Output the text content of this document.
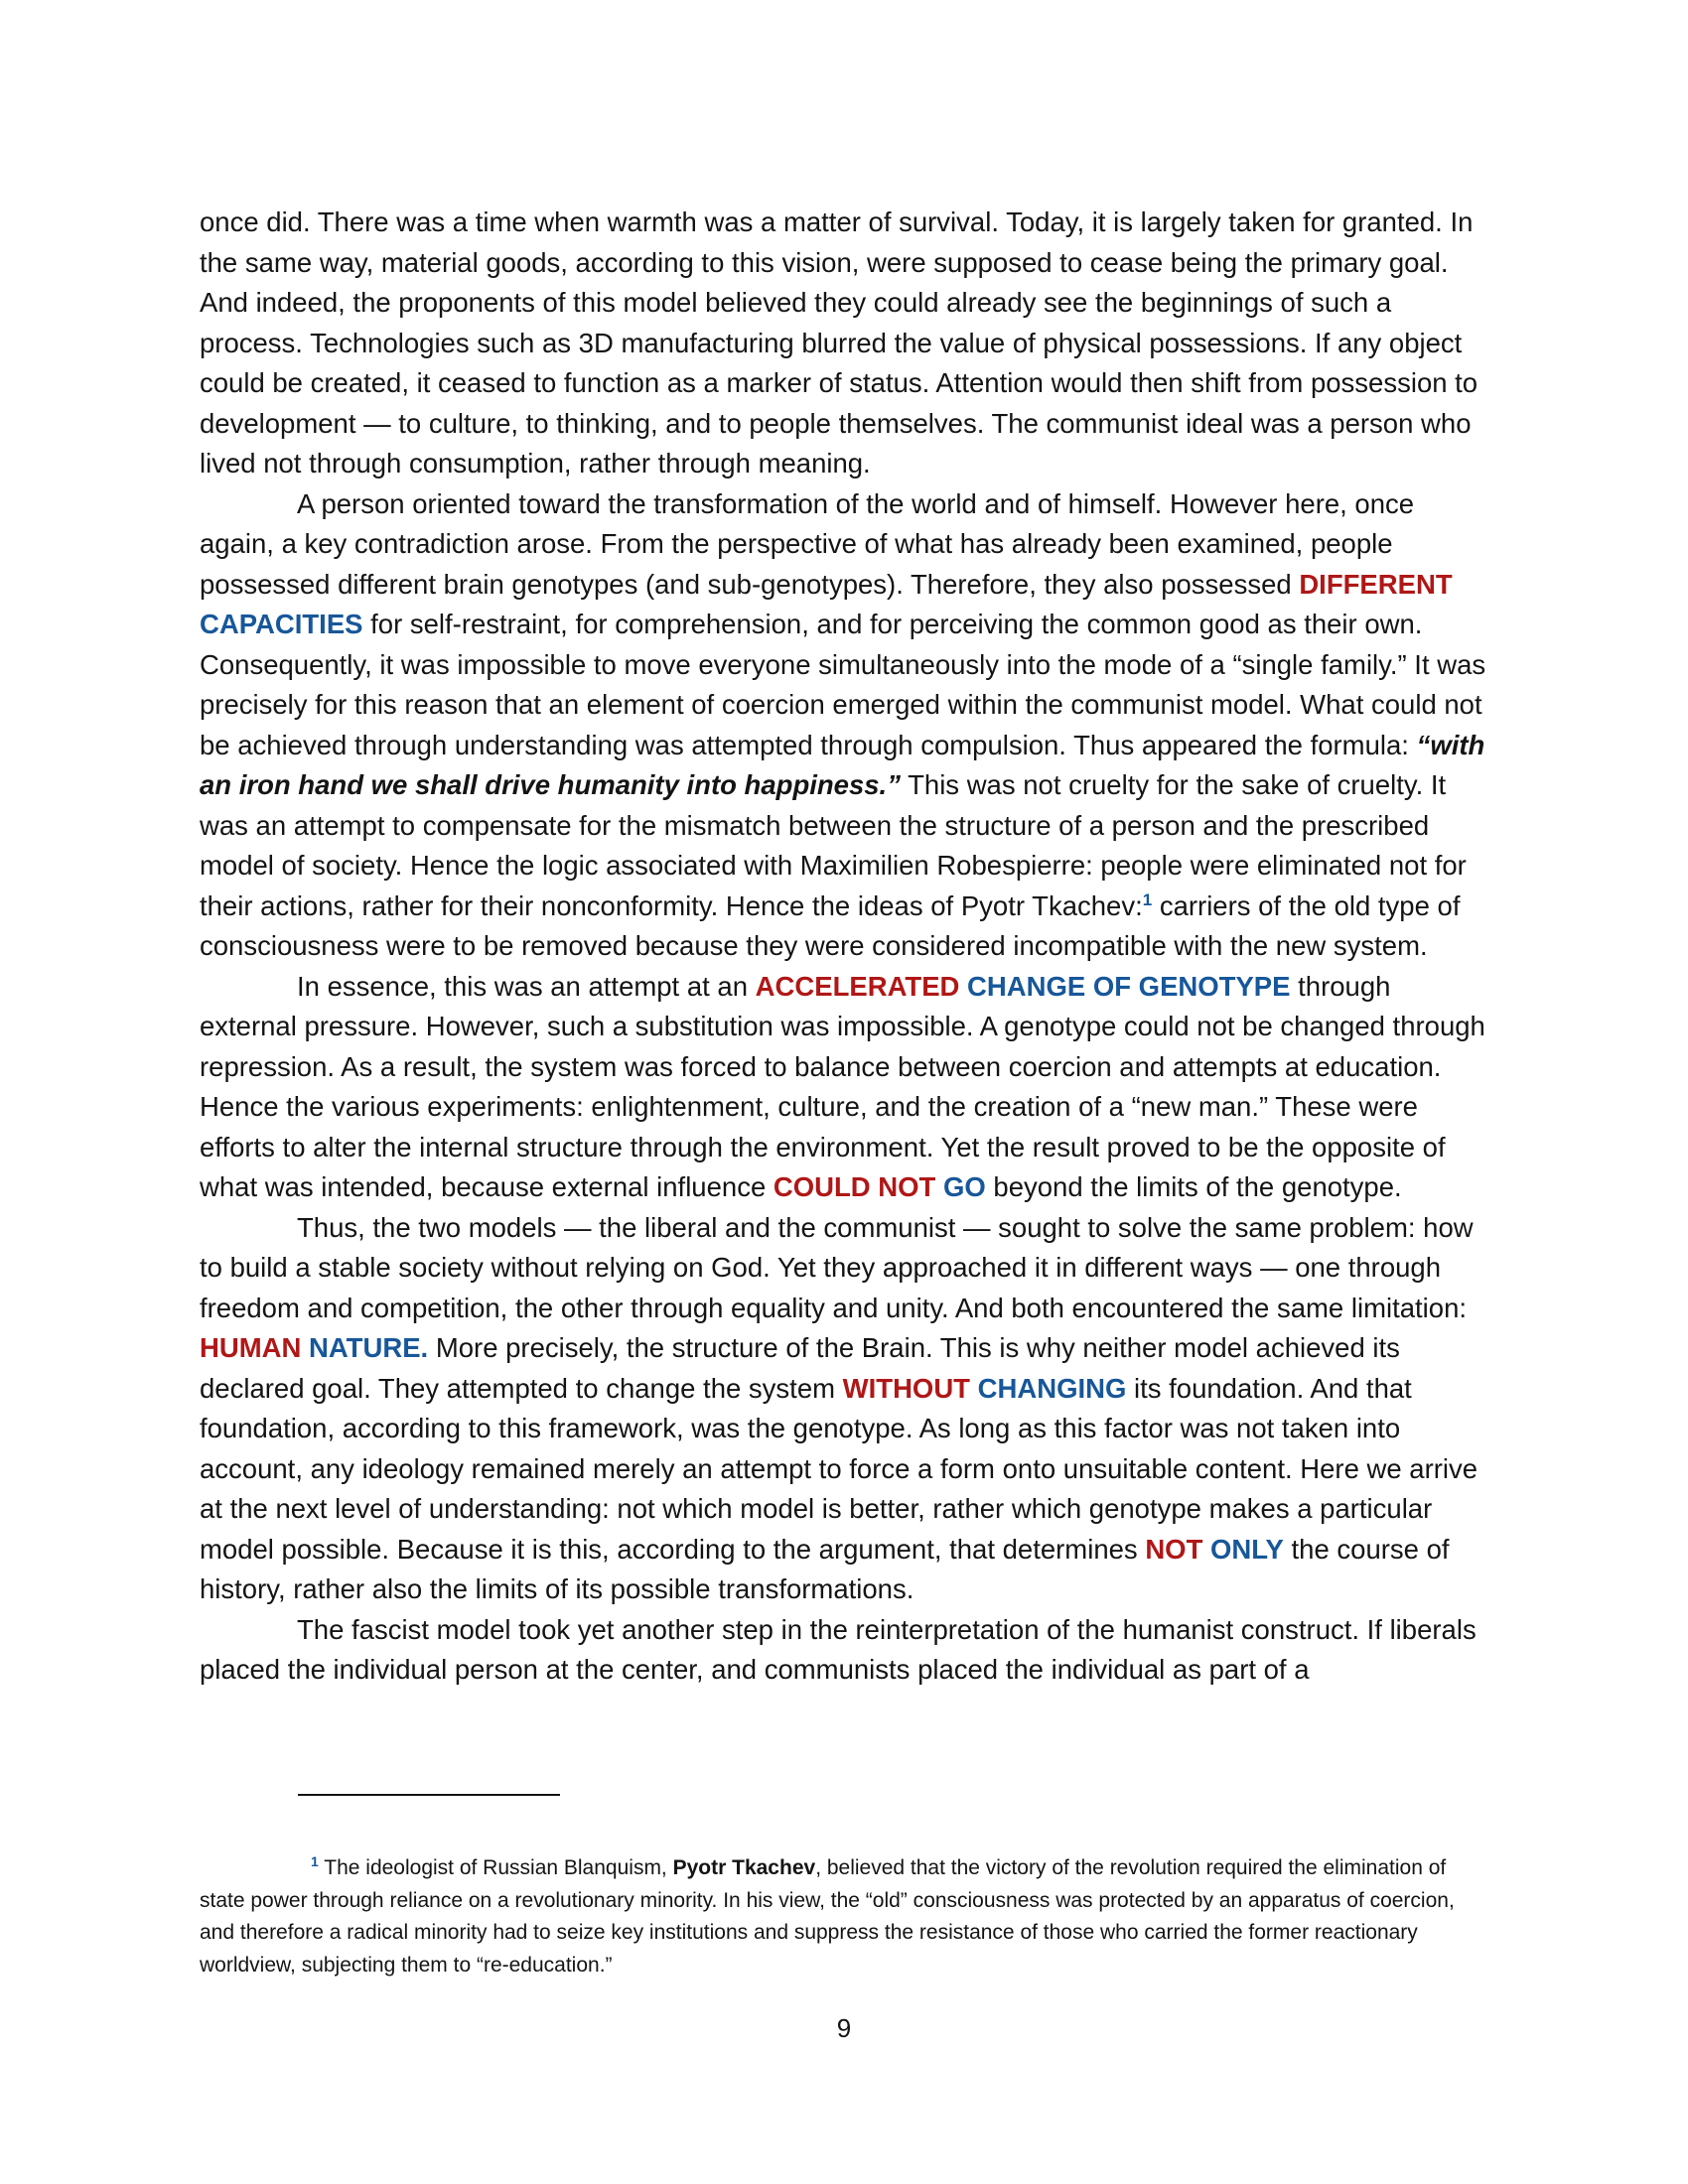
once did. There was a time when warmth was a matter of survival. Today, it is largely taken for granted. In the same way, material goods, according to this vision, were supposed to cease being the primary goal. And indeed, the proponents of this model believed they could already see the beginnings of such a process. Technologies such as 3D manufacturing blurred the value of physical possessions. If any object could be created, it ceased to function as a marker of status. Attention would then shift from possession to development — to culture, to thinking, and to people themselves. The communist ideal was a person who lived not through consumption, rather through meaning.

A person oriented toward the transformation of the world and of himself. However here, once again, a key contradiction arose. From the perspective of what has already been examined, people possessed different brain genotypes (and sub-genotypes). Therefore, they also possessed DIFFERENT CAPACITIES for self-restraint, for comprehension, and for perceiving the common good as their own. Consequently, it was impossible to move everyone simultaneously into the mode of a “single family.” It was precisely for this reason that an element of coercion emerged within the communist model. What could not be achieved through understanding was attempted through compulsion. Thus appeared the formula: “with an iron hand we shall drive humanity into happiness.” This was not cruelty for the sake of cruelty. It was an attempt to compensate for the mismatch between the structure of a person and the prescribed model of society. Hence the logic associated with Maximilien Robespierre: people were eliminated not for their actions, rather for their nonconformity. Hence the ideas of Pyotr Tkachev:$^1$ carriers of the old type of consciousness were to be removed because they were considered incompatible with the new system.

In essence, this was an attempt at an ACCELERATED CHANGE OF GENOTYPE through external pressure. However, such a substitution was impossible. A genotype could not be changed through repression. As a result, the system was forced to balance between coercion and attempts at education. Hence the various experiments: enlightenment, culture, and the creation of a “new man.” These were efforts to alter the internal structure through the environment. Yet the result proved to be the opposite of what was intended, because external influence COULD NOT GO beyond the limits of the genotype.

Thus, the two models — the liberal and the communist — sought to solve the same problem: how to build a stable society without relying on God. Yet they approached it in different ways — one through freedom and competition, the other through equality and unity. And both encountered the same limitation: HUMAN NATURE. More precisely, the structure of the Brain. This is why neither model achieved its declared goal. They attempted to change the system WITHOUT CHANGING its foundation. And that foundation, according to this framework, was the genotype. As long as this factor was not taken into account, any ideology remained merely an attempt to force a form onto unsuitable content. Here we arrive at the next level of understanding: not which model is better, rather which genotype makes a particular model possible. Because it is this, according to the argument, that determines NOT ONLY the course of history, rather also the limits of its possible transformations.

The fascist model took yet another step in the reinterpretation of the humanist construct. If liberals placed the individual person at the center, and communists placed the individual as part of a

$^1$ The ideologist of Russian Blanquism, Pyotr Tkachev, believed that the victory of the revolution required the elimination of state power through reliance on a revolutionary minority. In his view, the “old” consciousness was protected by an apparatus of coercion, and therefore a radical minority had to seize key institutions and suppress the resistance of those who carried the former reactionary worldview, subjecting them to “re-education.”

9
